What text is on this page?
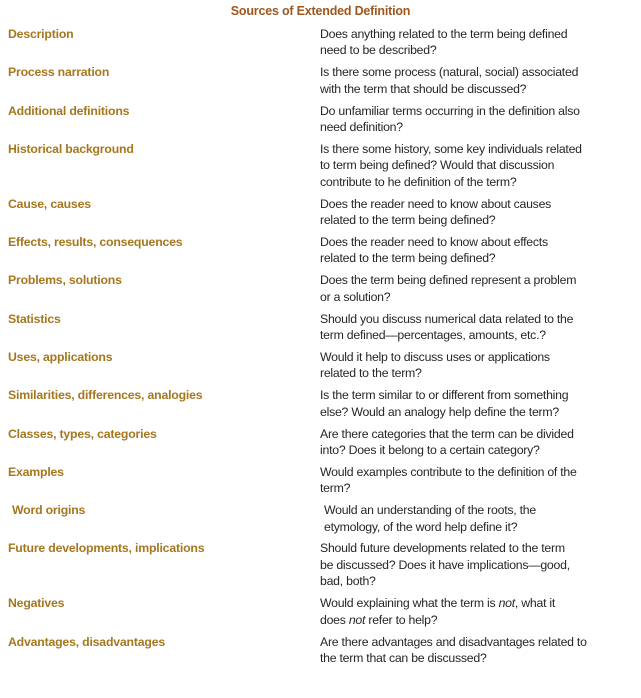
Sources of Extended Definition
Description	Does anything related to the term being defined
need to be described?
Process narration	Is there some process (natural, social) associated
with the term that should be discussed?
Additional definitions	Do unfamiliar terms occurring in the definition also
need definition?
Historical background	Is there some history, some key individuals related
to term being defined? Would that discussion
contribute to he definition of the term?
Cause, causes	Does the reader need to know about causes
related to the term being defined?
Effects, results, consequences	Does the reader need to know about effects
related to the term being defined?
Problems, solutions	Does the term being defined represent a problem
or a solution?
Statistics	Should you discuss numerical data related to the
term defined—percentages, amounts, etc.?
Uses, applications	Would it help to discuss uses or applications
related to the term?
Similarities, differences, analogies	Is the term similar to or different from something
else? Would an analogy help define the term?
Classes, types, categories	Are there categories that the term can be divided
into? Does it belong to a certain category?
Examples	Would examples contribute to the definition of the
term?
Word origins	Would an understanding of the roots, the
etymology, of the word help define it?
Future developments, implications	Should future developments related to the term
be discussed? Does it have implications—good,
bad, both?
Negatives	Would explaining what the term is not, what it
does not refer to help?
Advantages, disadvantages	Are there advantages and disadvantages related to
the term that can be discussed?
